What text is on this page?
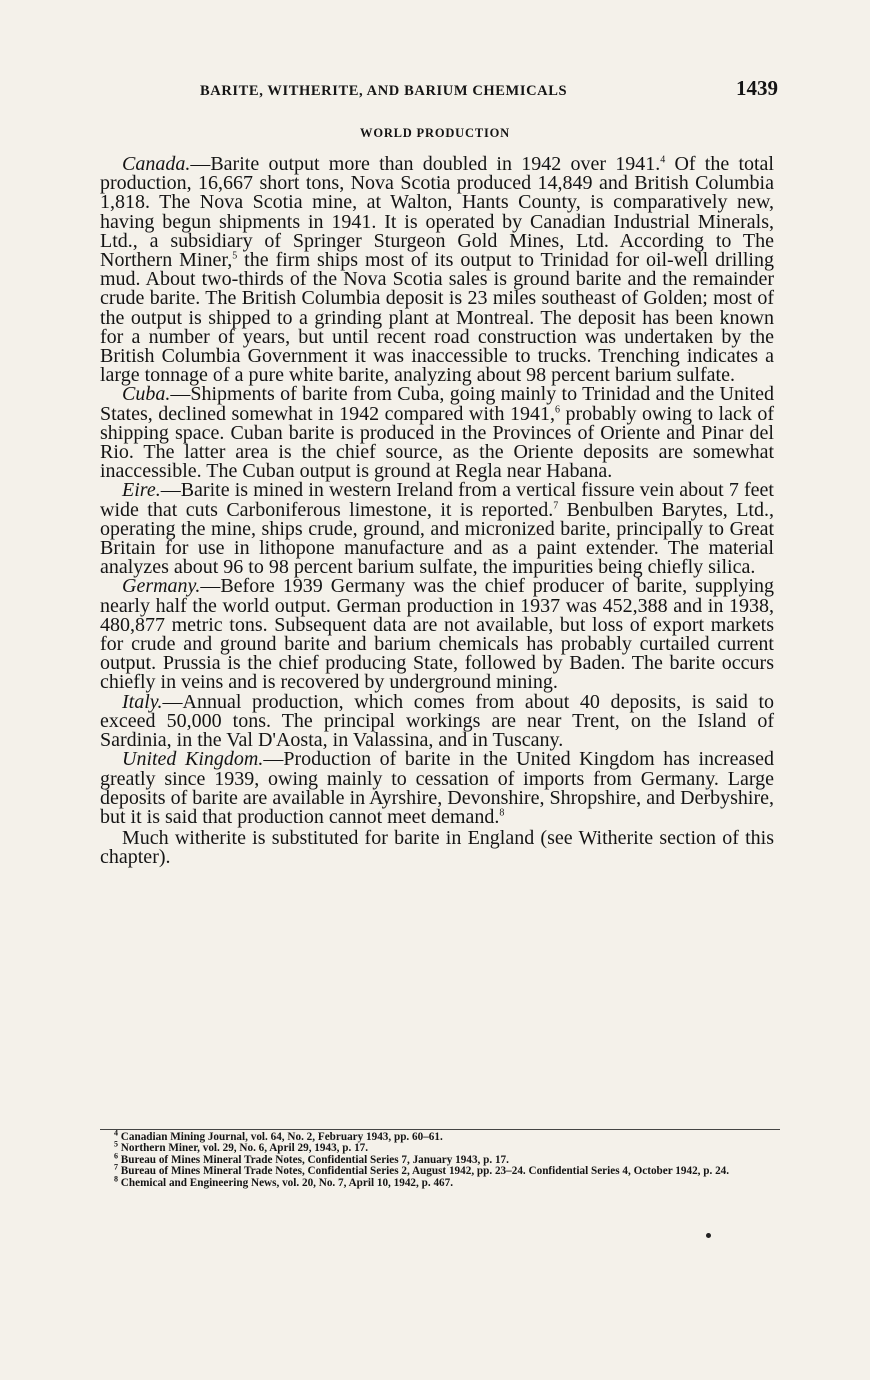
BARITE, WITHERITE, AND BARIUM CHEMICALS	1439
WORLD PRODUCTION

Canada.—Barite output more than doubled in 1942 over 1941.$^4$ Of the total production, 16,667 short tons, Nova Scotia produced 14,849 and British Columbia 1,818. The Nova Scotia mine, at Walton, Hants County, is comparatively new, having begun shipments in 1941. It is operated by Canadian Industrial Minerals, Ltd., a subsidiary of Springer Sturgeon Gold Mines, Ltd. According to The Northern Miner,$^5$ the firm ships most of its output to Trinidad for oil-well drilling mud. About two-thirds of the Nova Scotia sales is ground barite and the remainder crude barite. The British Columbia deposit is 23 miles southeast of Golden; most of the output is shipped to a grinding plant at Montreal. The deposit has been known for a number of years, but until recent road construction was undertaken by the British Columbia Government it was inaccessible to trucks. Trenching indicates a large tonnage of a pure white barite, analyzing about 98 percent barium sulfate.

Cuba.—Shipments of barite from Cuba, going mainly to Trinidad and the United States, declined somewhat in 1942 compared with 1941,$^6$ probably owing to lack of shipping space. Cuban barite is produced in the Provinces of Oriente and Pinar del Rio. The latter area is the chief source, as the Oriente deposits are somewhat inaccessible. The Cuban output is ground at Regla near Habana.

Eire.—Barite is mined in western Ireland from a vertical fissure vein about 7 feet wide that cuts Carboniferous limestone, it is reported.$^7$ Benbulben Barytes, Ltd., operating the mine, ships crude, ground, and micronized barite, principally to Great Britain for use in lithopone manufacture and as a paint extender. The material analyzes about 96 to 98 percent barium sulfate, the impurities being chiefly silica.

Germany.—Before 1939 Germany was the chief producer of barite, supplying nearly half the world output. German production in 1937 was 452,388 and in 1938, 480,877 metric tons. Subsequent data are not available, but loss of export markets for crude and ground barite and barium chemicals has probably curtailed current output. Prussia is the chief producing State, followed by Baden. The barite occurs chiefly in veins and is recovered by underground mining.

Italy.—Annual production, which comes from about 40 deposits, is said to exceed 50,000 tons. The principal workings are near Trent, on the Island of Sardinia, in the Val D'Aosta, in Valassina, and in Tuscany.

United Kingdom.—Production of barite in the United Kingdom has increased greatly since 1939, owing mainly to cessation of imports from Germany. Large deposits of barite are available in Ayrshire, Devonshire, Shropshire, and Derbyshire, but it is said that production cannot meet demand.$^8$

Much witherite is substituted for barite in England (see Witherite section of this chapter).

$^4$ Canadian Mining Journal, vol. 64, No. 2, February 1943, pp. 60–61.

$^5$ Northern Miner, vol. 29, No. 6, April 29, 1943, p. 17.

$^6$ Bureau of Mines Mineral Trade Notes, Confidential Series 7, January 1943, p. 17.

$^7$ Bureau of Mines Mineral Trade Notes, Confidential Series 2, August 1942, pp. 23–24. Confidential Series 4, October 1942, p. 24.

$^8$ Chemical and Engineering News, vol. 20, No. 7, April 10, 1942, p. 467.
